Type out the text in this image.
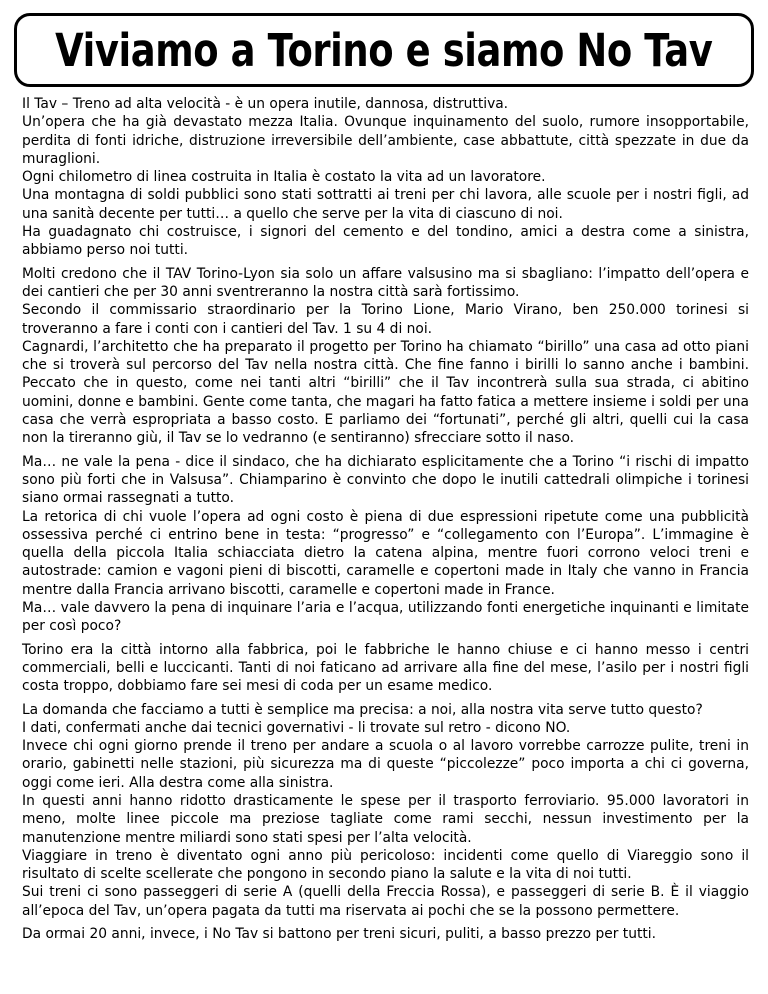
Viviamo a Torino e siamo No Tav

Il Tav – Treno ad alta velocità - è un opera inutile, dannosa, distruttiva.

Un’opera che ha già devastato mezza Italia. Ovunque inquinamento del suolo, rumore insopportabile, perdita di fonti idriche, distruzione irreversibile dell’ambiente, case abbattute, città spezzate in due da muraglioni.

Ogni chilometro di linea costruita in Italia è costato la vita ad un lavoratore.

Una montagna di soldi pubblici sono stati sottratti ai treni per chi lavora, alle scuole per i nostri figli, ad una sanità decente per tutti… a quello che serve per la vita di ciascuno di noi.

Ha guadagnato chi costruisce, i signori del cemento e del tondino, amici a destra come a sinistra, abbiamo perso noi tutti.

Molti credono che il TAV Torino-Lyon sia solo un affare valsusino ma si sbagliano: l’impatto dell’opera e dei cantieri che per 30 anni sventreranno la nostra città sarà fortissimo.

Secondo il commissario straordinario per la Torino Lione, Mario Virano, ben 250.000 torinesi si troveranno a fare i conti con i cantieri del Tav. 1 su 4 di noi.

Cagnardi, l’architetto che ha preparato il progetto per Torino ha chiamato “birillo” una casa ad otto piani che si troverà sul percorso del Tav nella nostra città. Che fine fanno i birilli lo sanno anche i bambini. Peccato che in questo, come nei tanti altri “birilli” che il Tav incontrerà sulla sua strada, ci abitino uomini, donne e bambini. Gente come tanta, che magari ha fatto fatica a mettere insieme i soldi per una casa che verrà espropriata a basso costo. E parliamo dei “fortunati”, perché gli altri, quelli cui la casa non la tireranno giù, il Tav se lo vedranno (e sentiranno) sfrecciare sotto il naso.

Ma… ne vale la pena - dice il sindaco, che ha dichiarato esplicitamente che a Torino “i rischi di impatto sono più forti che in Valsusa”. Chiamparino è convinto che dopo le inutili cattedrali olimpiche i torinesi siano ormai rassegnati a tutto.

La retorica di chi vuole l’opera ad ogni costo è piena di due espressioni ripetute come una pubblicità ossessiva perché ci entrino bene in testa: “progresso” e “collegamento con l’Europa”. L’immagine è quella della piccola Italia schiacciata dietro la catena alpina, mentre fuori corrono veloci treni e autostrade: camion e vagoni pieni di biscotti, caramelle e copertoni made in Italy che vanno in Francia mentre dalla Francia arrivano biscotti, caramelle e copertoni made in France.

Ma… vale davvero la pena di inquinare l’aria e l’acqua, utilizzando fonti energetiche inquinanti e limitate per così poco?

Torino era la città intorno alla fabbrica, poi le fabbriche le hanno chiuse e ci hanno messo i centri commerciali, belli e luccicanti. Tanti di noi faticano ad arrivare alla fine del mese, l’asilo per i nostri figli costa troppo, dobbiamo fare sei mesi di coda per un esame medico.

La domanda che facciamo a tutti è semplice ma precisa: a noi, alla nostra vita serve tutto questo?

I dati, confermati anche dai tecnici governativi - li trovate sul retro - dicono NO.

Invece chi ogni giorno prende il treno per andare a scuola o al lavoro vorrebbe carrozze pulite, treni in orario, gabinetti nelle stazioni, più sicurezza ma di queste “piccolezze” poco importa a chi ci governa, oggi come ieri. Alla destra come alla sinistra.

In questi anni hanno ridotto drasticamente le spese per il trasporto ferroviario. 95.000 lavoratori in meno, molte linee piccole ma preziose tagliate come rami secchi, nessun investimento per la manutenzione mentre miliardi sono stati spesi per l’alta velocità.

Viaggiare in treno è diventato ogni anno più pericoloso: incidenti come quello di Viareggio sono il risultato di scelte scellerate che pongono in secondo piano la salute e la vita di noi tutti.

Sui treni ci sono passeggeri di serie A (quelli della Freccia Rossa), e passeggeri di serie B. È il viaggio all’epoca del Tav, un’opera pagata da tutti ma riservata ai pochi che se la possono permettere.

Da ormai 20 anni, invece, i No Tav si battono per treni sicuri, puliti, a basso prezzo per tutti.
